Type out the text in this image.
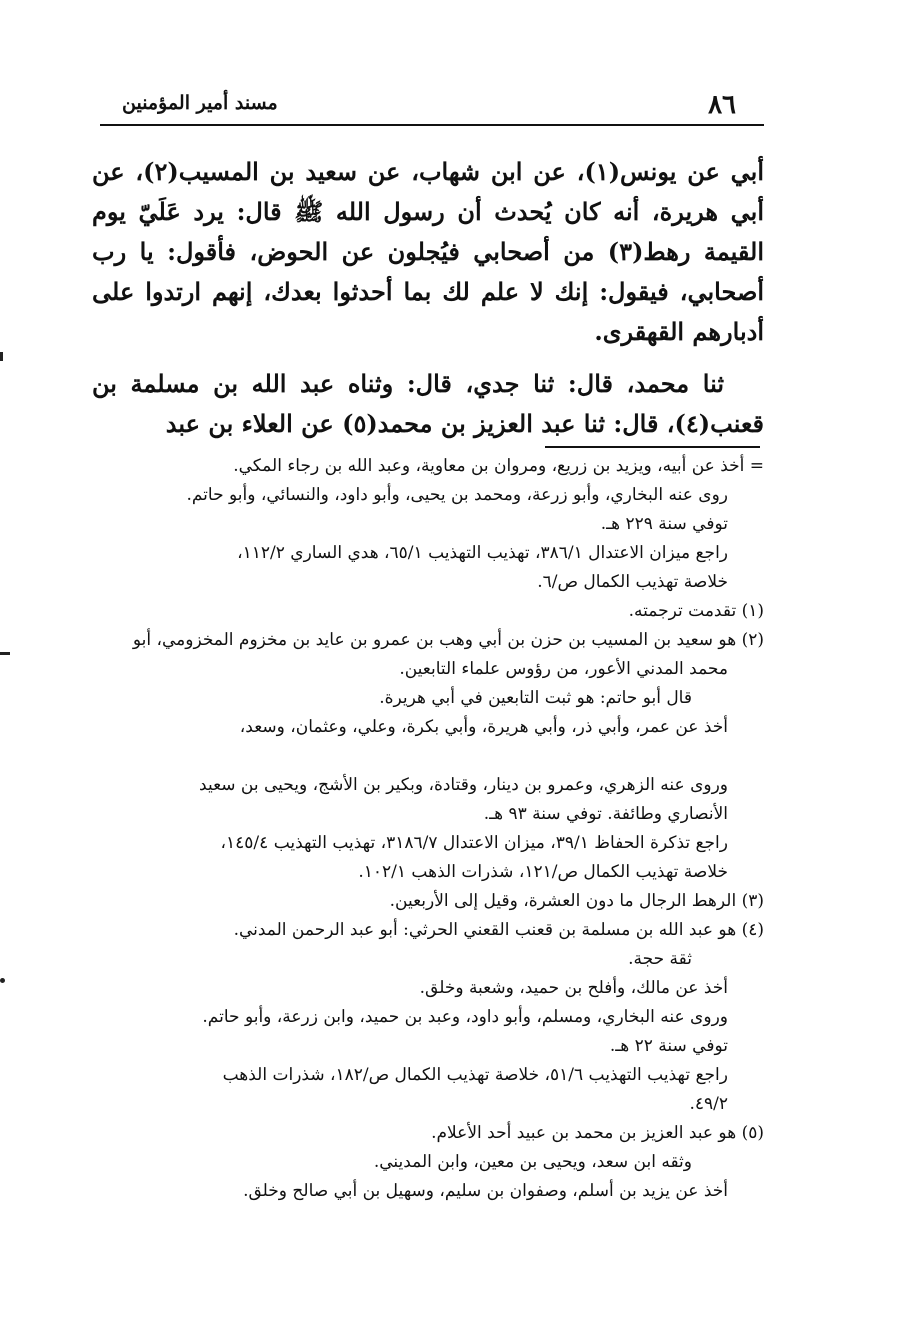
٨٦
مسند أمير المؤمنين

أبي عن يونس(١)، عن ابن شهاب، عن سعيد بن المسيب(٢)، عن أبي هريرة، أنه كان يُحدث أن رسول الله ﷺ قال: يرد عَلَيّ يوم القيمة رهط(٣) من أصحابي فيُجلون عن الحوض، فأقول: يا رب أصحابي، فيقول: إنك لا علم لك بما أحدثوا بعدك، إنهم ارتدوا على أدبارهم القهقرى.

ثنا محمد، قال: ثنا جدي، قال: وثناه عبد الله بن مسلمة بن قعنب(٤)، قال: ثنا عبد العزيز بن محمد(٥) عن العلاء بن عبد

= أخذ عن أبيه، ويزيد بن زريع، ومروان بن معاوية، وعبد الله بن رجاء المكي.
روى عنه البخاري، وأبو زرعة، ومحمد بن يحيى، وأبو داود، والنسائي، وأبو حاتم.
توفي سنة ٢٢٩ هـ.
راجع ميزان الاعتدال ٣٨٦/١، تهذيب التهذيب ٦٥/١، هدي الساري ١١٢/٢،
خلاصة تهذيب الكمال ص/٦.
(١) تقدمت ترجمته.
(٢) هو سعيد بن المسيب بن حزن بن أبي وهب بن عمرو بن عايد بن مخزوم المخزومي، أبو
محمد المدني الأعور، من رؤوس علماء التابعين.
قال أبو حاتم: هو ثبت التابعين في أبي هريرة.
أخذ عن عمر، وأبي ذر، وأبي هريرة، وأبي بكرة، وعلي، وعثمان، وسعد،
وروى عنه الزهري، وعمرو بن دينار، وقتادة، وبكير بن الأشج، ويحيى بن سعيد
الأنصاري وطائفة. توفي سنة ٩٣ هـ.
راجع تذكرة الحفاظ ٣٩/١، ميزان الاعتدال ٣١٨٦/٧، تهذيب التهذيب ١٤٥/٤،
خلاصة تهذيب الكمال ص/١٢١، شذرات الذهب ١٠٢/١.
(٣) الرهط الرجال ما دون العشرة، وقيل إلى الأربعين.
(٤) هو عبد الله بن مسلمة بن قعنب القعني الحرثي: أبو عبد الرحمن المدني.
ثقة حجة.
أخذ عن مالك، وأفلح بن حميد، وشعبة وخلق.
وروى عنه البخاري، ومسلم، وأبو داود، وعبد بن حميد، وابن زرعة، وأبو حاتم.
توفي سنة ٢٢ هـ.
راجع تهذيب التهذيب ٥١/٦، خلاصة تهذيب الكمال ص/١٨٢، شذرات الذهب
٤٩/٢.
(٥) هو عبد العزيز بن محمد بن عبيد أحد الأعلام.
وثقه ابن سعد، ويحيى بن معين، وابن المديني.
أخذ عن يزيد بن أسلم، وصفوان بن سليم، وسهيل بن أبي صالح وخلق.
